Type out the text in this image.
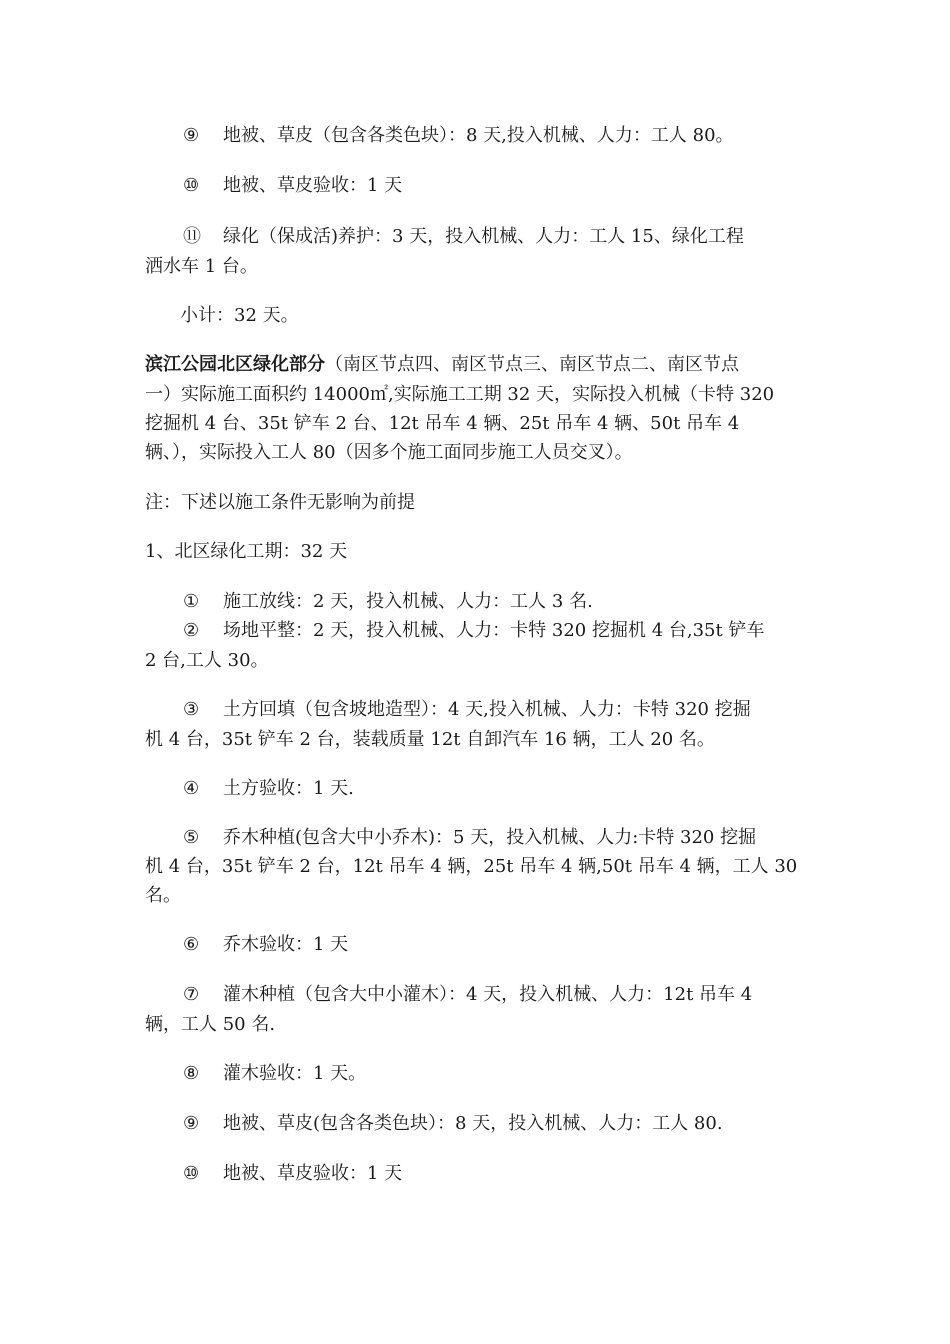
⑨ 地被、草皮（包含各类色块）：8 天,投入机械、人力：工人 80。
⑩ 地被、草皮验收：1 天
⑪ 绿化（保成活)养护：3 天，投入机械、人力：工人 15、绿化工程
洒水车 1 台。
小计：32 天。
滨江公园北区绿化部分（南区节点四、南区节点三、南区节点二、南区节点
一）实际施工面积约 14000㎡,实际施工工期 32 天，实际投入机械（卡特 320
挖掘机 4 台、35t 铲车 2 台、12t 吊车 4 辆、25t 吊车 4 辆、50t 吊车 4
辆、），实际投入工人 80（因多个施工面同步施工人员交叉）。
注：下述以施工条件无影响为前提
1、北区绿化工期：32 天
① 施工放线：2 天，投入机械、人力：工人 3 名.
② 场地平整：2 天，投入机械、人力：卡特 320 挖掘机 4 台,35t 铲车
2 台,工人 30。
③ 土方回填（包含坡地造型）：4 天,投入机械、人力：卡特 320 挖掘
机 4 台，35t 铲车 2 台，装载质量 12t 自卸汽车 16 辆，工人 20 名。
④ 土方验收：1 天.
⑤ 乔木种植(包含大中小乔木)：5 天，投入机械、人力:卡特 320 挖掘
机 4 台，35t 铲车 2 台，12t 吊车 4 辆，25t 吊车 4 辆,50t 吊车 4 辆，工人 30
名。
⑥ 乔木验收：1 天
⑦ 灌木种植（包含大中小灌木）：4 天，投入机械、人力：12t 吊车 4
辆，工人 50 名.
⑧ 灌木验收：1 天。
⑨ 地被、草皮(包含各类色块）：8 天，投入机械、人力：工人 80.
⑩ 地被、草皮验收：1 天
